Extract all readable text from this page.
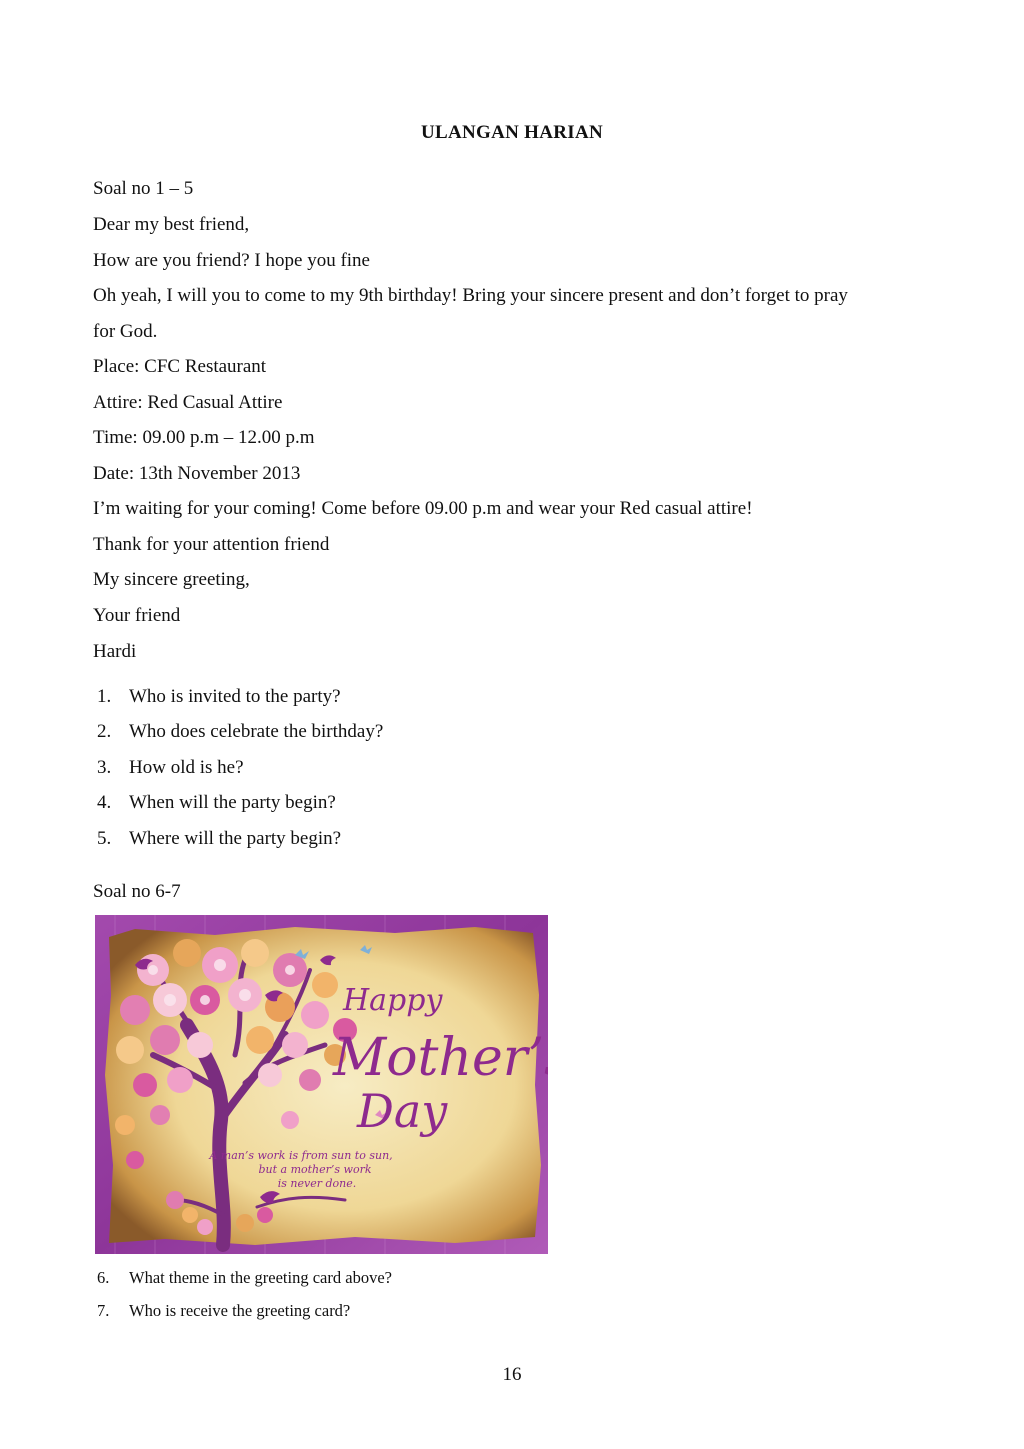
ULANGAN HARIAN
Soal no 1 – 5
Dear my best friend,
How are you friend? I hope you fine
Oh yeah, I will you to come to my 9th birthday! Bring your sincere present and don’t forget to pray
for God.
Place: CFC Restaurant
Attire: Red Casual Attire
Time: 09.00 p.m – 12.00 p.m
Date: 13th November 2013
I’m waiting for your coming! Come before 09.00 p.m and wear your Red casual attire!
Thank for your attention friend
My sincere greeting,
Your friend
Hardi
1. Who is invited to the party?
2. Who does celebrate the birthday?
3. How old is he?
4. When will the party begin?
5. Where will the party begin?
Soal no 6-7
Happy
Mother’s
Day
A man’s work is from sun to sun,
but a mother’s work
is never done.
6. What theme in the greeting card above?
7. Who is receive the greeting card?
16
